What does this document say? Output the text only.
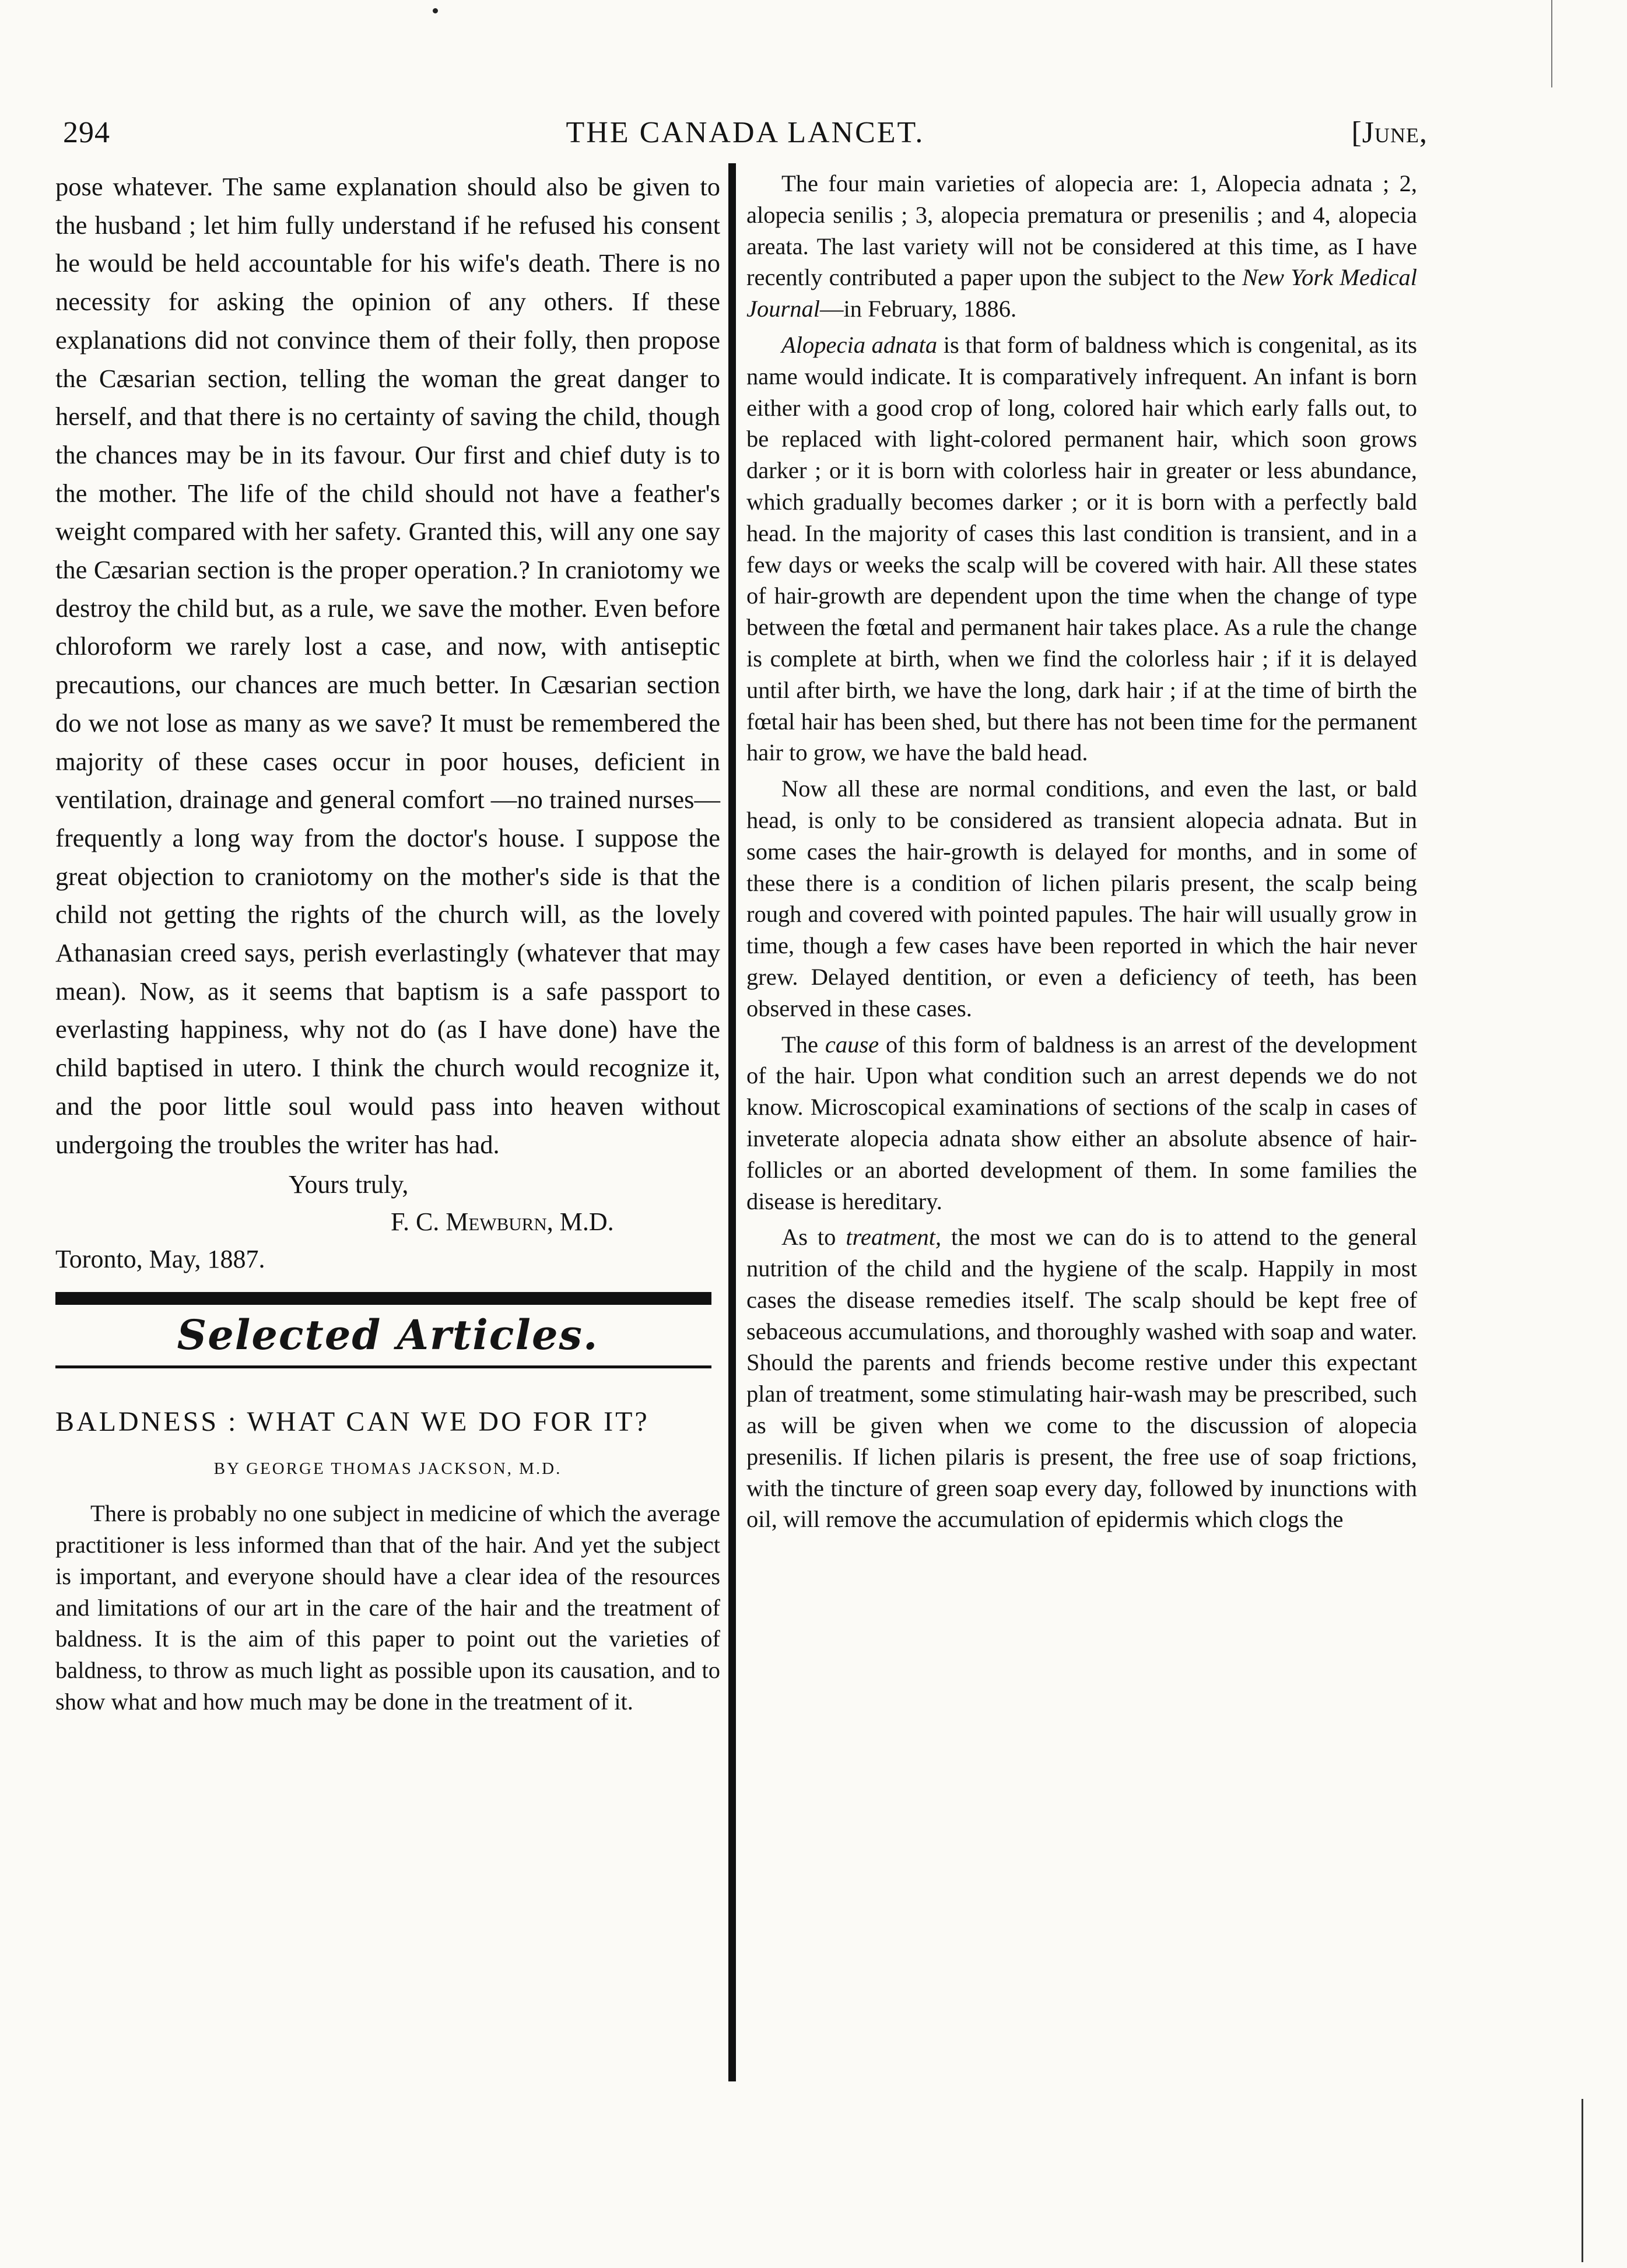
294	THE CANADA LANCET.	[June,

pose whatever. The same explanation should also be given to the husband ; let him fully understand if he refused his consent he would be held accountable for his wife's death. There is no necessity for asking the opinion of any others. If these explanations did not convince them of their folly, then propose the Cæsarian section, telling the woman the great danger to herself, and that there is no certainty of saving the child, though the chances may be in its favour. Our first and chief duty is to the mother. The life of the child should not have a feather's weight compared with her safety. Granted this, will any one say the Cæsarian section is the proper operation.? In craniotomy we destroy the child but, as a rule, we save the mother. Even before chloroform we rarely lost a case, and now, with antiseptic precautions, our chances are much better. In Cæsarian section do we not lose as many as we save? It must be remembered the majority of these cases occur in poor houses, deficient in ventilation, drainage and general comfort —no trained nurses—frequently a long way from the doctor's house. I suppose the great objection to craniotomy on the mother's side is that the child not getting the rights of the church will, as the lovely Athanasian creed says, perish everlastingly (whatever that may mean). Now, as it seems that baptism is a safe passport to everlasting happiness, why not do (as I have done) have the child baptised in utero. I think the church would recognize it, and the poor little soul would pass into heaven without undergoing the troubles the writer has had.

Yours truly,
F. C. Mewburn, M.D.
Toronto, May, 1887.
Selected Articles.
BALDNESS : WHAT CAN WE DO FOR IT?
BY GEORGE THOMAS JACKSON, M.D.

There is probably no one subject in medicine of which the average practitioner is less informed than that of the hair. And yet the subject is important, and everyone should have a clear idea of the resources and limitations of our art in the care of the hair and the treatment of baldness. It is the aim of this paper to point out the varieties of baldness, to throw as much light as possible upon its causation, and to show what and how much may be done in the treatment of it.

The four main varieties of alopecia are: 1, Alopecia adnata ; 2, alopecia senilis ; 3, alopecia prematura or presenilis ; and 4, alopecia areata. The last variety will not be considered at this time, as I have recently contributed a paper upon the subject to the New York Medical Journal—in February, 1886.

Alopecia adnata is that form of baldness which is congenital, as its name would indicate. It is comparatively infrequent. An infant is born either with a good crop of long, colored hair which early falls out, to be replaced with light-colored permanent hair, which soon grows darker ; or it is born with colorless hair in greater or less abundance, which gradually becomes darker ; or it is born with a perfectly bald head. In the majority of cases this last condition is transient, and in a few days or weeks the scalp will be covered with hair. All these states of hair-growth are dependent upon the time when the change of type between the fœtal and permanent hair takes place. As a rule the change is complete at birth, when we find the colorless hair ; if it is delayed until after birth, we have the long, dark hair ; if at the time of birth the fœtal hair has been shed, but there has not been time for the permanent hair to grow, we have the bald head.

Now all these are normal conditions, and even the last, or bald head, is only to be considered as transient alopecia adnata. But in some cases the hair-growth is delayed for months, and in some of these there is a condition of lichen pilaris present, the scalp being rough and covered with pointed papules. The hair will usually grow in time, though a few cases have been reported in which the hair never grew. Delayed dentition, or even a deficiency of teeth, has been observed in these cases.

The cause of this form of baldness is an arrest of the development of the hair. Upon what condition such an arrest depends we do not know. Microscopical examinations of sections of the scalp in cases of inveterate alopecia adnata show either an absolute absence of hair-follicles or an aborted development of them. In some families the disease is hereditary.

As to treatment, the most we can do is to attend to the general nutrition of the child and the hygiene of the scalp. Happily in most cases the disease remedies itself. The scalp should be kept free of sebaceous accumulations, and thoroughly washed with soap and water. Should the parents and friends become restive under this expectant plan of treatment, some stimulating hair-wash may be prescribed, such as will be given when we come to the discussion of alopecia presenilis. If lichen pilaris is present, the free use of soap frictions, with the tincture of green soap every day, followed by inunctions with oil, will remove the accumulation of epidermis which clogs the
